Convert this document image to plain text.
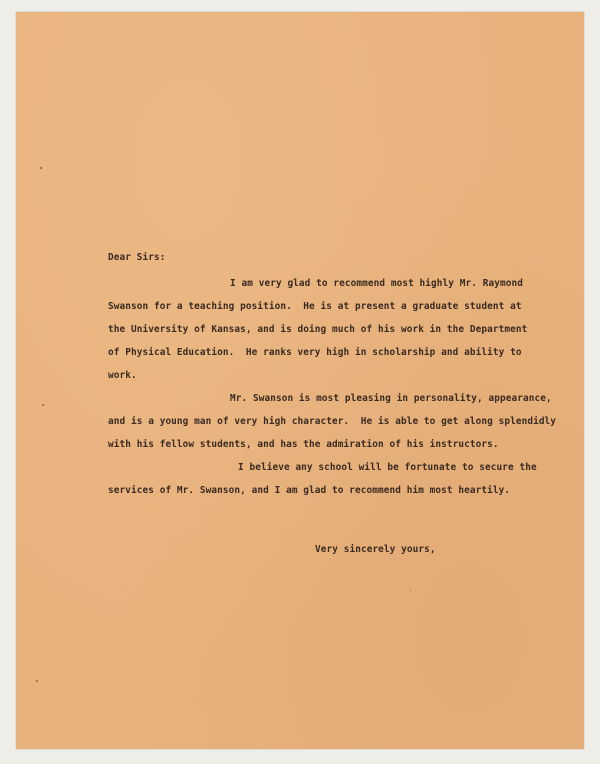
Dear Sirs:
I am very glad to recommend most highly Mr. Raymond
Swanson for a teaching position.  He is at present a graduate student at
the University of Kansas, and is doing much of his work in the Department
of Physical Education.  He ranks very high in scholarship and ability to
work.
Mr. Swanson is most pleasing in personality, appearance,
and is a young man of very high character.  He is able to get along splendidly
with his fellow students, and has the admiration of his instructors.
I believe any school will be fortunate to secure the
services of Mr. Swanson, and I am glad to recommend him most heartily.
Very sincerely yours,
